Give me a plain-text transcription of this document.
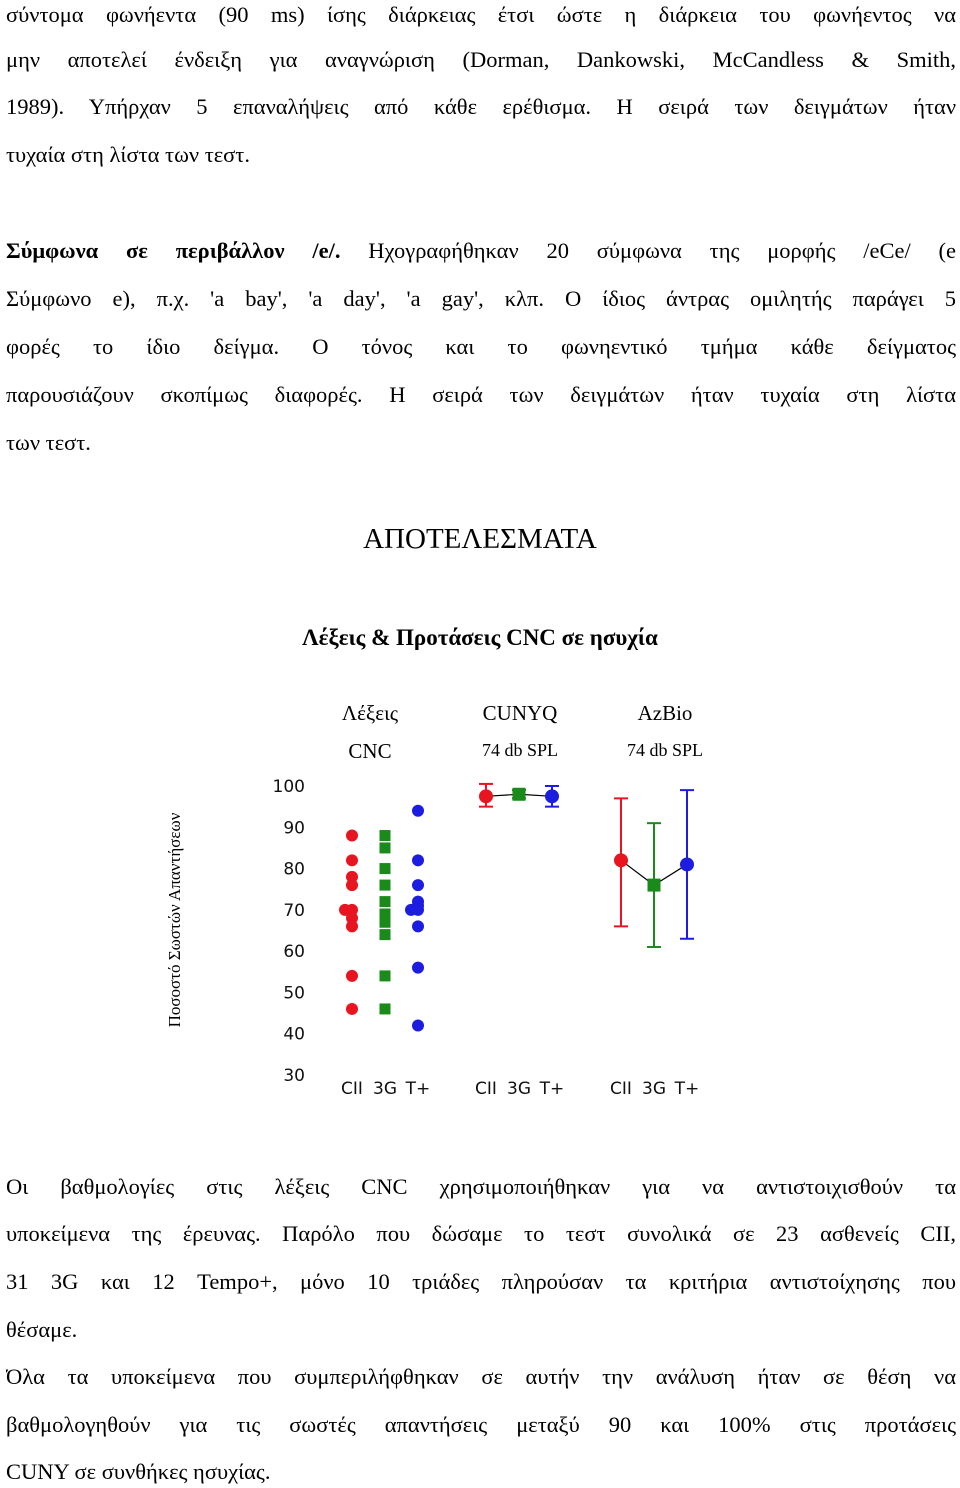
σύντομα φωνήεντα (90 ms) ίσης διάρκειας έτσι ώστε η διάρκεια του φωνήεντος να
μην αποτελεί ένδειξη για αναγνώριση (Dorman, Dankowski, McCandless & Smith,
1989). Υπήρχαν 5 επαναλήψεις από κάθε ερέθισμα. Η σειρά των δειγμάτων ήταν
τυχαία στη λίστα των τεστ.
Σύμφωνα σε περιβάλλον /e/. Ηχογραφήθηκαν 20 σύμφωνα της μορφής /eCe/ (e
Σύμφωνο e), π.χ. 'a bay', 'a day', 'a gay', κλπ. Ο ίδιος άντρας ομιλητής παράγει 5
φορές το ίδιο δείγμα. Ο τόνος και το φωνηεντικό τμήμα κάθε δείγματος
παρουσιάζουν σκοπίμως διαφορές. Η σειρά των δειγμάτων ήταν τυχαία στη λίστα
των τεστ.
ΑΠΟΤΕΛΕΣΜΑΤΑ
Λέξεις & Προτάσεις CNC σε ησυχία
Λέξεις
CNC
CUNYQ
74 db SPL
AzBio
74 db SPL
Ποσοστό Σωστών Απαντήσεων
30
40
50
60
70
80
90
100
CII 3G T+	CII 3G T+	CII 3G T+
Οι βαθμολογίες στις λέξεις CNC χρησιμοποιήθηκαν για να αντιστοιχισθούν τα
υποκείμενα της έρευνας. Παρόλο που δώσαμε το τεστ συνολικά σε 23 ασθενείς CII,
31 3G και 12 Tempo+, μόνο 10 τριάδες πληρούσαν τα κριτήρια αντιστοίχησης που
θέσαμε.
Όλα τα υποκείμενα που συμπεριλήφθηκαν σε αυτήν την ανάλυση ήταν σε θέση να
βαθμολογηθούν για τις σωστές απαντήσεις μεταξύ 90 και 100% στις προτάσεις
CUNY σε συνθήκες ησυχίας.
